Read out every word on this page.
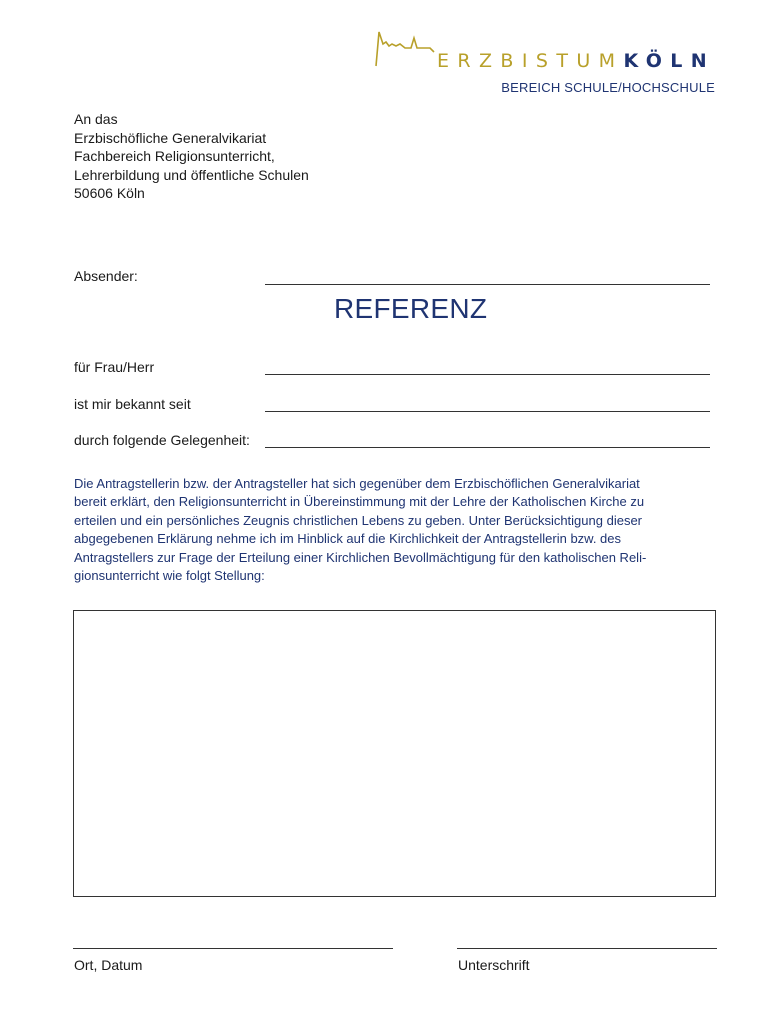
ERZBISTUMKÖLN
BEREICH SCHULE/HOCHSCHULE
An das
Erzbischöfliche Generalvikariat
Fachbereich Religionsunterricht,
Lehrerbildung und öffentliche Schulen
50606 Köln
Absender:
REFERENZ
für Frau/Herr
ist mir bekannt seit
durch folgende Gelegenheit:
Die Antragstellerin bzw. der Antragsteller hat sich gegenüber dem Erzbischöflichen Generalvikariat
bereit erklärt, den Religionsunterricht in Übereinstimmung mit der Lehre der Katholischen Kirche zu
erteilen und ein persönliches Zeugnis christlichen Lebens zu geben. Unter Berücksichtigung dieser
abgegebenen Erklärung nehme ich im Hinblick auf die Kirchlichkeit der Antragstellerin bzw. des
Antragstellers zur Frage der Erteilung einer Kirchlichen Bevollmächtigung für den katholischen Reli-
gionsunterricht wie folgt Stellung:
Ort, Datum	Unterschrift
